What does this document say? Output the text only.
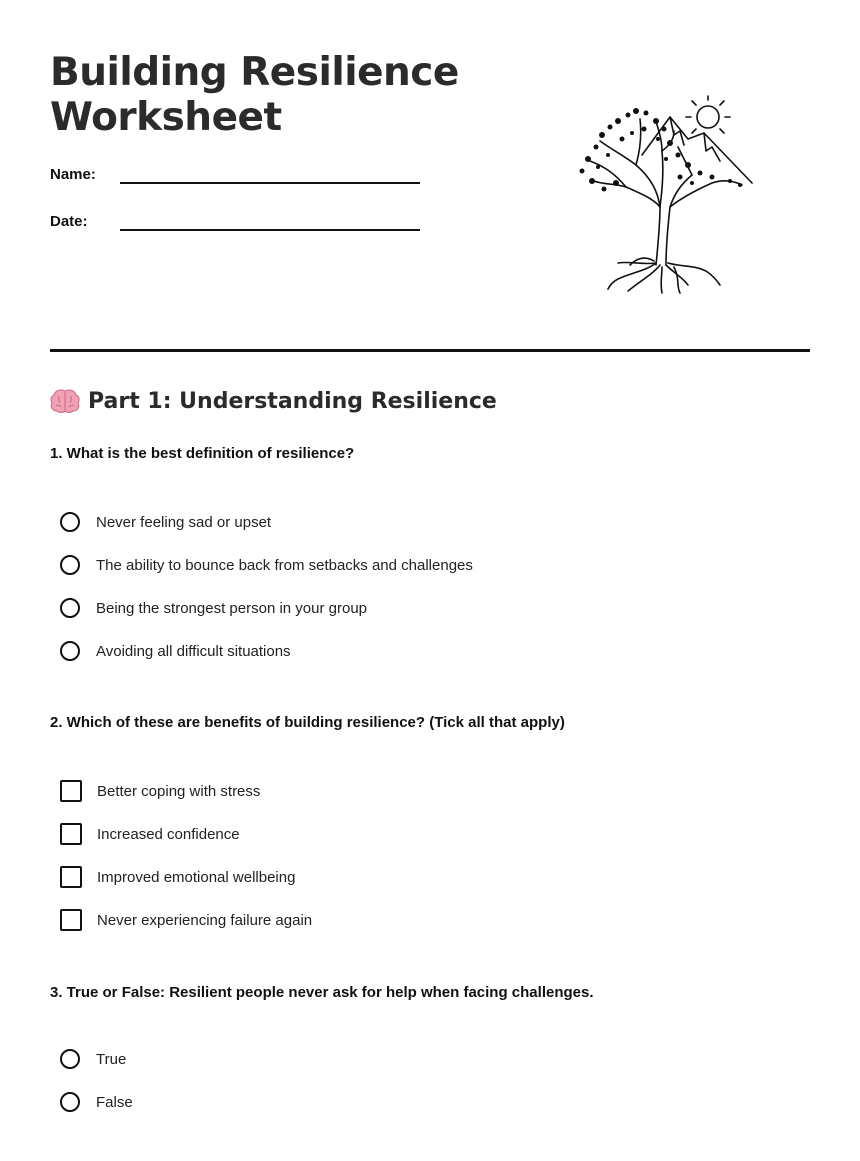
Building Resilience Worksheet
Name:
Date:
Part 1: Understanding Resilience
1. What is the best definition of resilience?
Never feeling sad or upset
The ability to bounce back from setbacks and challenges
Being the strongest person in your group
Avoiding all difficult situations
2. Which of these are benefits of building resilience? (Tick all that apply)
Better coping with stress
Increased confidence
Improved emotional wellbeing
Never experiencing failure again
3. True or False: Resilient people never ask for help when facing challenges.
True
False
